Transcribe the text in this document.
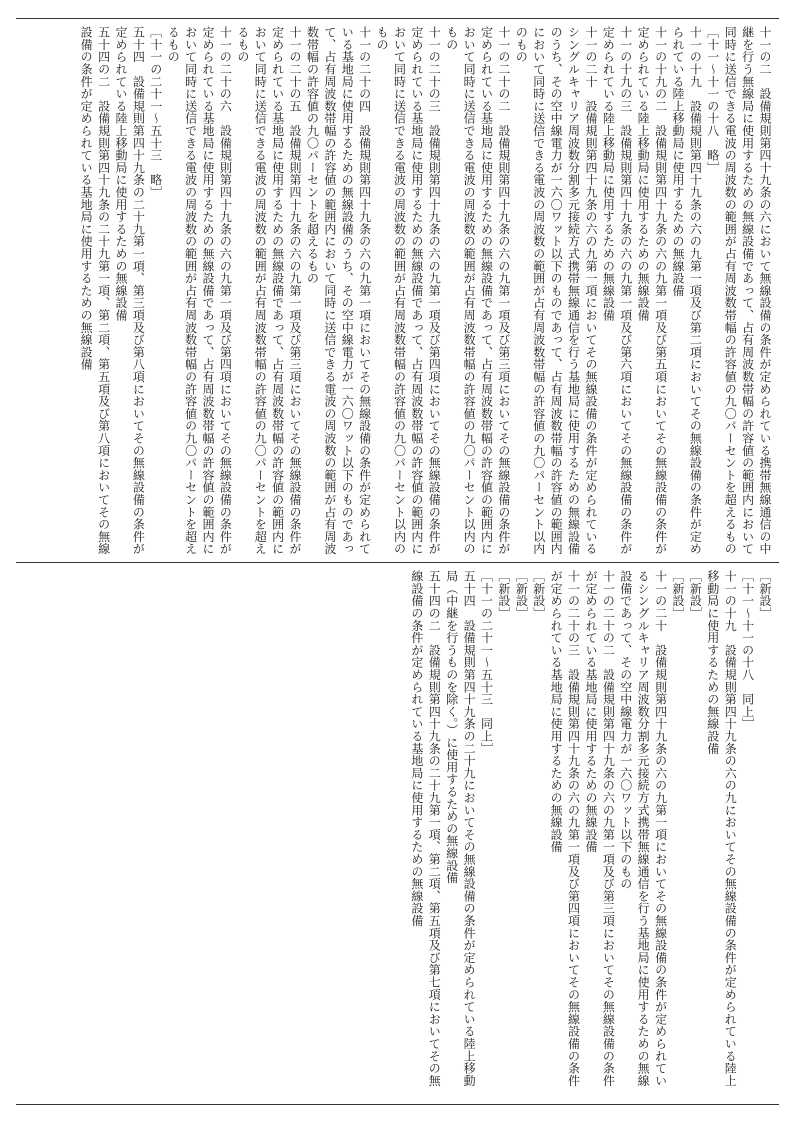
十一の二　設備規則第四十九条の六において無線設備の条件が定められている携帯無線通信の中継を行う無線局に使用するための無線設備であって、占有周波数帯幅の許容値の範囲内において同時に送信できる電波の周波数の範囲が占有周波数帯幅の許容値の九〇パーセントを超えるもの

［十一～十一の十八　略］

十一の十九　設備規則第四十九条の六の九第一項及び第二項においてその無線設備の条件が定められている陸上移動局に使用するための無線設備

十一の十九の二　設備規則第四十九条の六の九第一項及び第五項においてその無線設備の条件が定められている陸上移動局に使用するための無線設備

十一の十九の三　設備規則第四十九条の六の九第一項及び第六項においてその無線設備の条件が定められている陸上移動局に使用するための無線設備

十一の二十　設備規則第四十九条の六の九第一項においてその無線設備の条件が定められているシングルキャリア周波数分割多元接続方式携帯無線通信を行う基地局に使用するための無線設備のうち、その空中線電力が一六〇ワット以下のものであって、占有周波数帯幅の許容値の範囲内において同時に送信できる電波の周波数の範囲が占有周波数帯幅の許容値の九〇パーセント以内のもの

十一の二十の二　設備規則第四十九条の六の九第一項及び第三項においてその無線設備の条件が定められている基地局に使用するための無線設備であって、占有周波数帯幅の許容値の範囲内において同時に送信できる電波の周波数の範囲が占有周波数帯幅の許容値の九〇パーセント以内のもの

十一の二十の三　設備規則第四十九条の六の九第一項及び第四項においてその無線設備の条件が定められている基地局に使用するための無線設備であって、占有周波数帯幅の許容値の範囲内において同時に送信できる電波の周波数の範囲が占有周波数帯幅の許容値の九〇パーセント以内のもの

十一の二十の四　設備規則第四十九条の六の九第一項においてその無線設備の条件が定められている基地局に使用するための無線設備のうち、その空中線電力が一六〇ワット以下のものであって、占有周波数帯幅の許容値の範囲内において同時に送信できる電波の周波数の範囲が占有周波数帯幅の許容値の九〇パーセントを超えるもの

十一の二十の五　設備規則第四十九条の六の九第一項及び第三項においてその無線設備の条件が定められている基地局に使用するための無線設備であって、占有周波数帯幅の許容値の範囲内において同時に送信できる電波の周波数の範囲が占有周波数帯幅の許容値の九〇パーセントを超えるもの

十一の二十の六　設備規則第四十九条の六の九第一項及び第四項においてその無線設備の条件が定められている基地局に使用するための無線設備であって、占有周波数帯幅の許容値の範囲内において同時に送信できる電波の周波数の範囲が占有周波数帯幅の許容値の九〇パーセントを超えるもの

［十一の二十一～五十三　略］

五十四　設備規則第四十九条の二十九第一項、第三項及び第八項においてその無線設備の条件が定められている陸上移動局に使用するための無線設備

五十四の二　設備規則第四十九条の二十九第一項、第二項、第五項及び第八項においてその無線設備の条件が定められている基地局に使用するための無線設備

［新設］

［十一～十一の十八　同上］

十一の十九　設備規則第四十九条の六の九においてその無線設備の条件が定められている陸上移動局に使用するための無線設備

［新設］

［新設］

十一の二十　設備規則第四十九条の六の九第一項においてその無線設備の条件が定められているシングルキャリア周波数分割多元接続方式携帯無線通信を行う基地局に使用するための無線設備であって、その空中線電力が一六〇ワット以下のもの

十一の二十の二　設備規則第四十九条の六の九第一項及び第三項においてその無線設備の条件が定められている基地局に使用するための無線設備

十一の二十の三　設備規則第四十九条の六の九第一項及び第四項においてその無線設備の条件が定められている基地局に使用するための無線設備

［新設］

［新設］

［新設］

［十一の二十一～五十三　同上］

五十四　設備規則第四十九条の二十九においてその無線設備の条件が定められている陸上移動局（中継を行うものを除く。）に使用するための無線設備

五十四の二　設備規則第四十九条の二十九第一項、第二項、第五項及び第七項においてその無線設備の条件が定められている基地局に使用するための無線設備
